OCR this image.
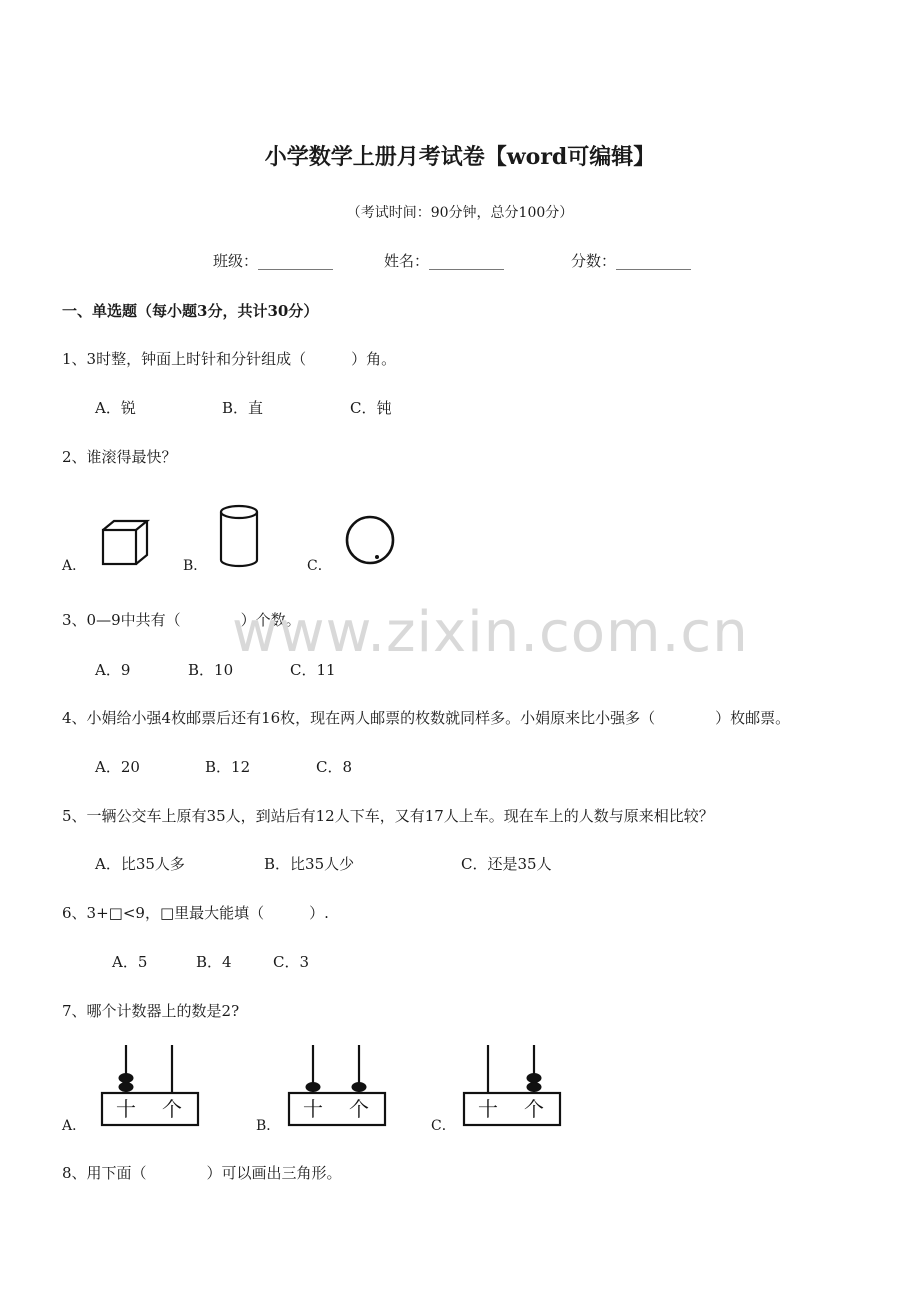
小学数学上册月考试卷【word可编辑】
（考试时间：90分钟，总分100分）
班级：__________	姓名：__________	分数：__________
一、单选题（每小题3分，共计30分）
1、3时整，钟面上时针和分针组成（　　　）角。
A．锐	B．直	C．钝
2、谁滚得最快？
A．	B．	C．
3、0—9中共有（　　　　）个数。
A．9	B．10	C．11
www.zixin.com.cn
4、小娟给小强4枚邮票后还有16枚，现在两人邮票的枚数就同样多。小娟原来比小强多（　　　　）枚邮票。
A．20	B．12	C．8
5、一辆公交车上原有35人，到站后有12人下车，又有17人上车。现在车上的人数与原来相比较？
A．比35人多	B．比35人少	C．还是35人
6、3+□<9，□里最大能填（　　　）.
A．5	B．4	C．3
7、哪个计数器上的数是2?
A．	B．	C．
十 个	十 个	十 个
8、用下面（　　　　）可以画出三角形。
